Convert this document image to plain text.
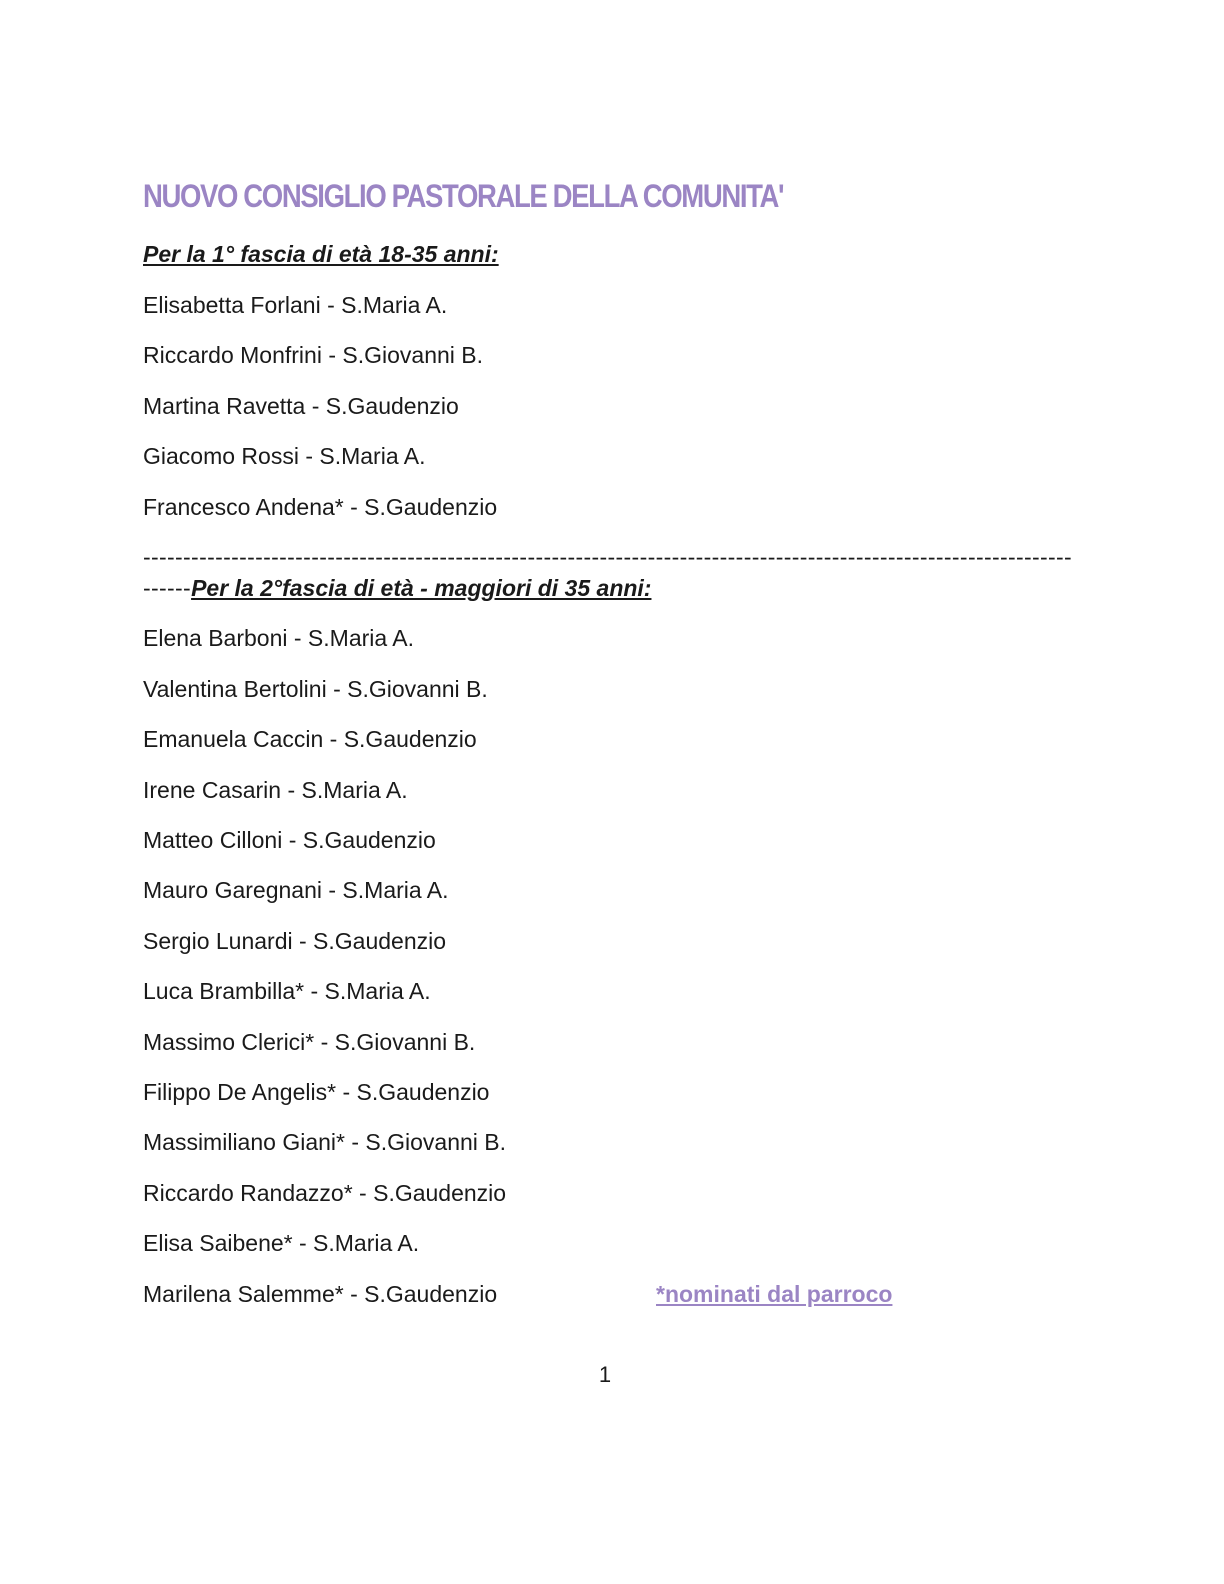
NUOVO CONSIGLIO PASTORALE DELLA COMUNITA'

Per la 1° fascia di età 18-35 anni:

Elisabetta Forlani - S.Maria A.

Riccardo Monfrini - S.Giovanni B.

Martina Ravetta - S.Gaudenzio

Giacomo Rossi - S.Maria A.

Francesco Andena* - S.Gaudenzio

--------------------------------------------------------------------------------------------------------------------
------Per la 2°fascia di età - maggiori di 35 anni:

Elena Barboni - S.Maria A.

Valentina Bertolini - S.Giovanni B.

Emanuela Caccin - S.Gaudenzio

Irene Casarin - S.Maria A.

Matteo Cilloni - S.Gaudenzio

Mauro Garegnani - S.Maria A.

Sergio Lunardi - S.Gaudenzio

Luca Brambilla* - S.Maria A.

Massimo Clerici* - S.Giovanni B.

Filippo De Angelis* - S.Gaudenzio

Massimiliano Giani* - S.Giovanni B.

Riccardo Randazzo* - S.Gaudenzio

Elisa Saibene* - S.Maria A.

Marilena Salemme* - S.Gaudenzio	*nominati dal parroco
1
